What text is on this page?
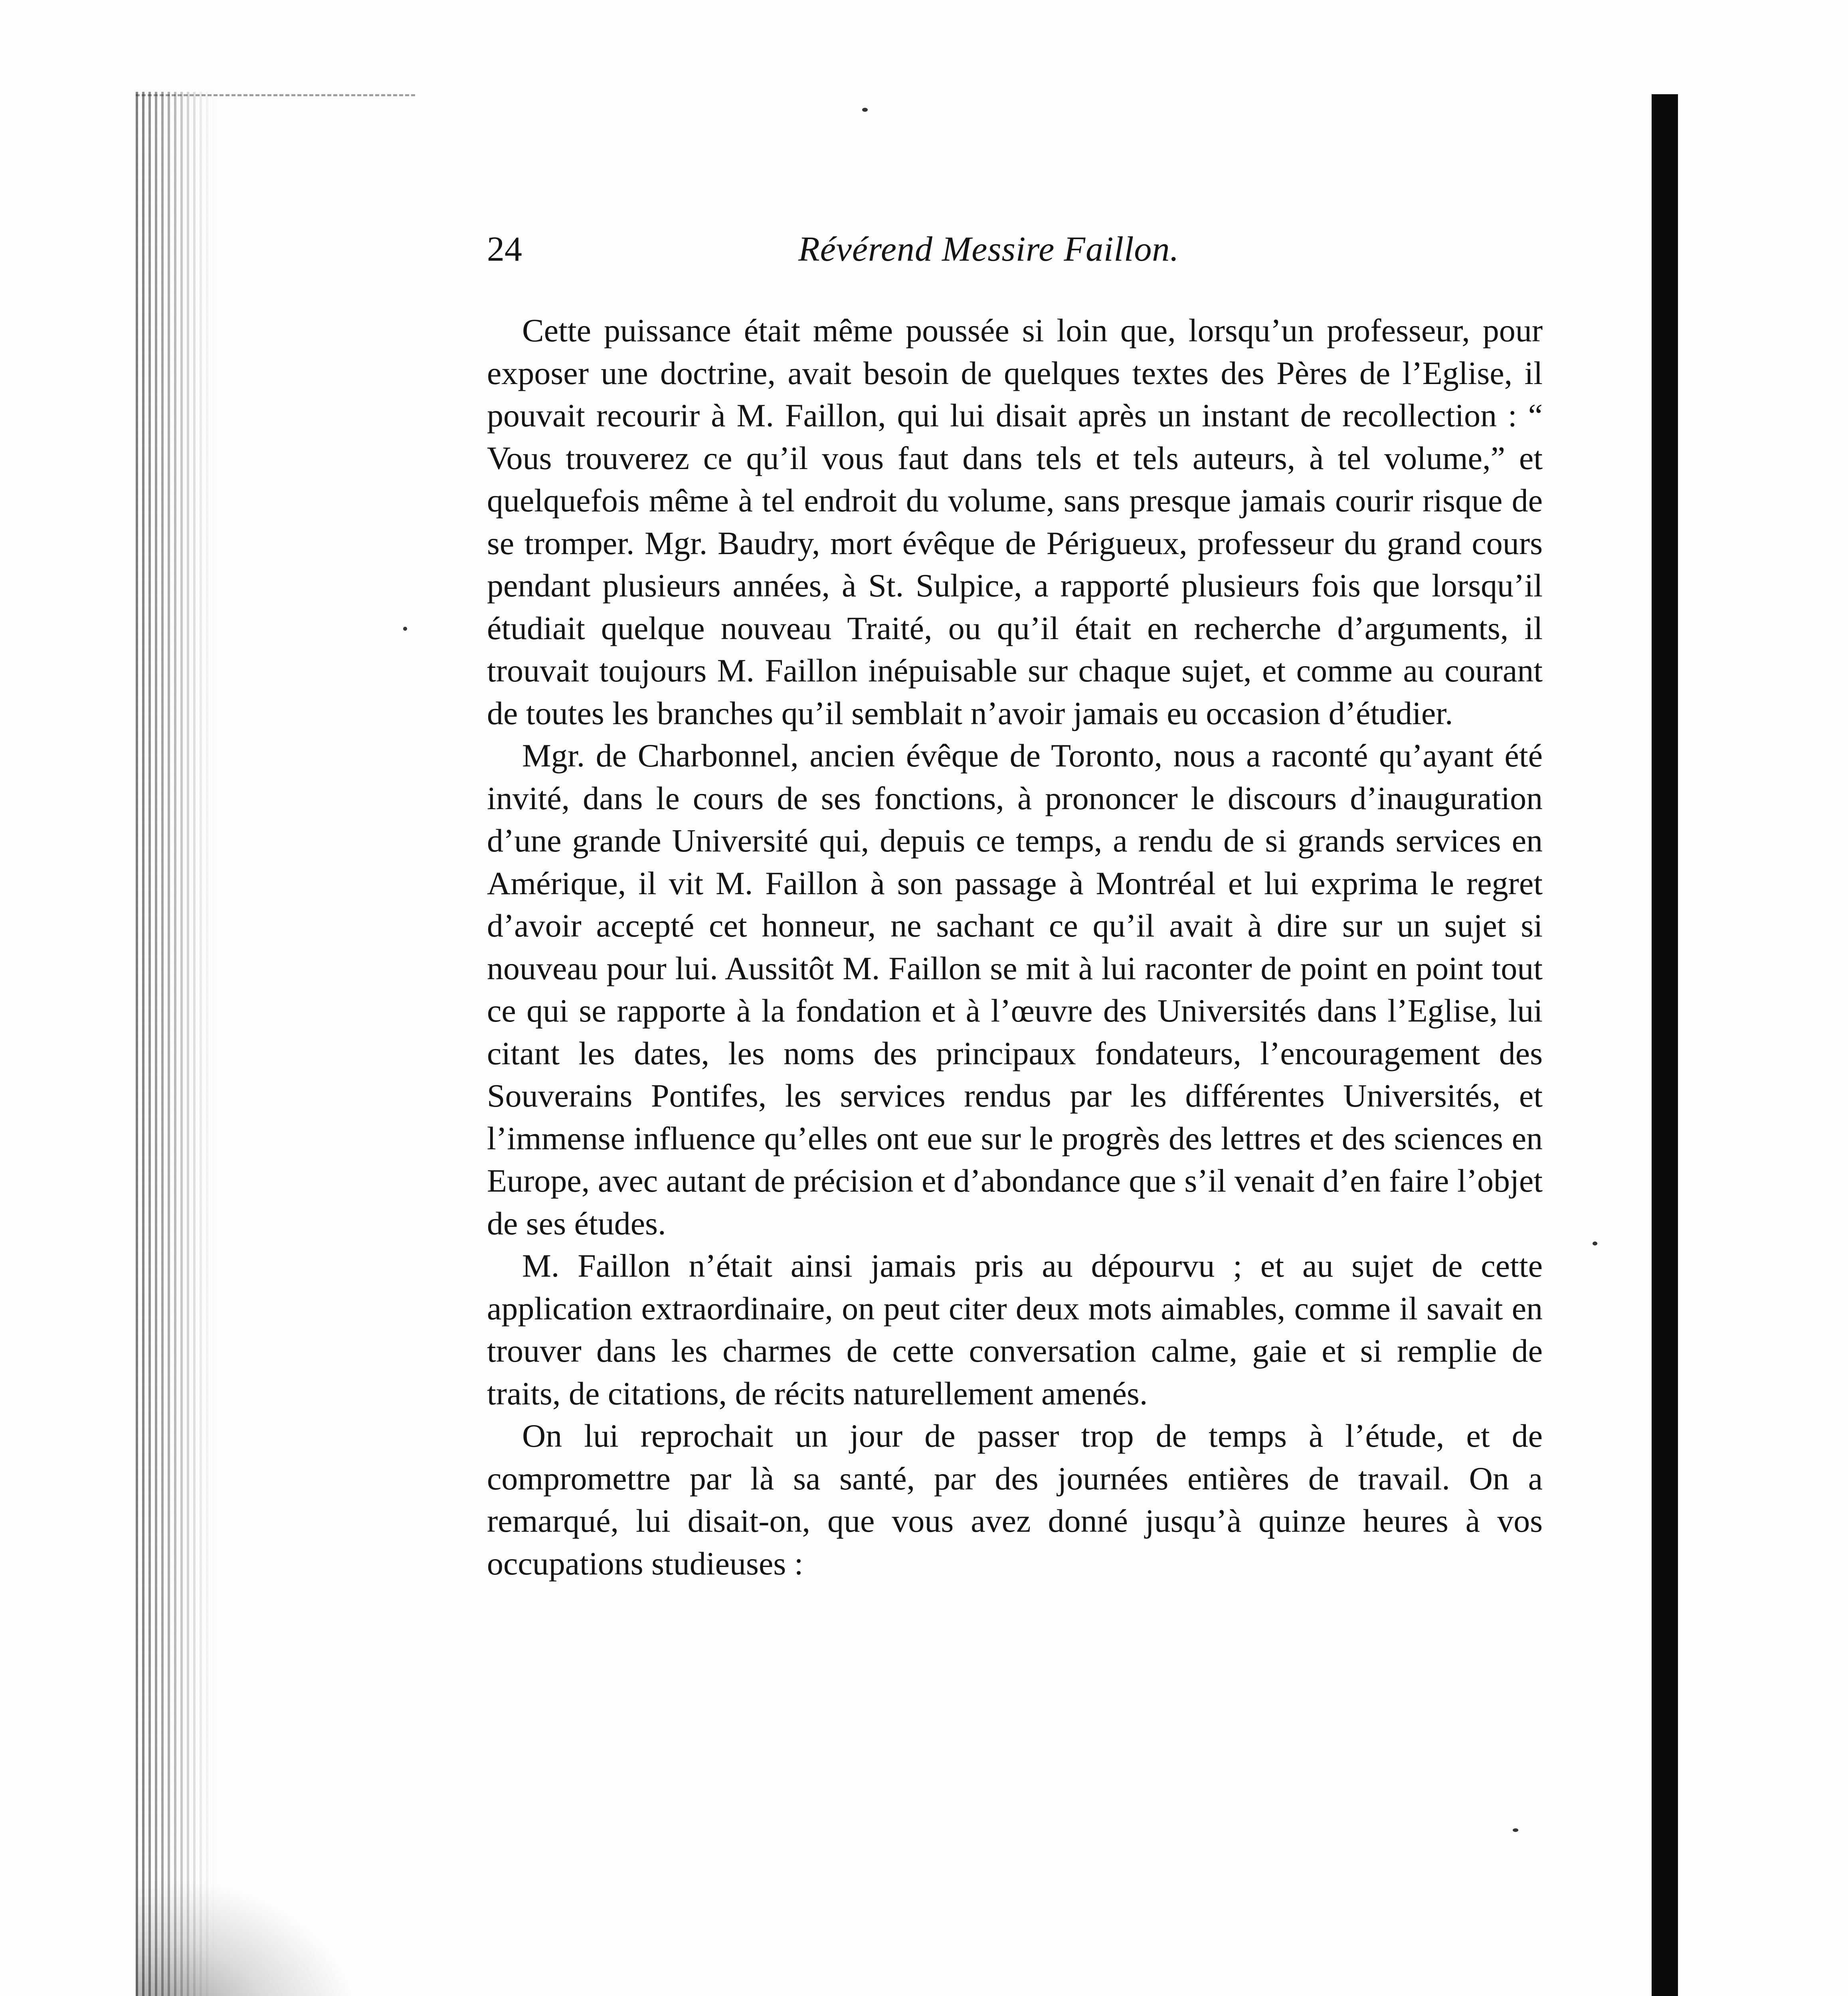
24	Révérend Messire Faillon.

Cette puissance était même poussée si loin que, lorsqu’un professeur, pour exposer une doctrine, avait besoin de quelques textes des Pères de l’Eglise, il pouvait recourir à M. Faillon, qui lui disait après un instant de recollection : “ Vous trouverez ce qu’il vous faut dans tels et tels auteurs, à tel volume,” et quelquefois même à tel endroit du volume, sans presque jamais courir risque de se tromper. Mgr. Baudry, mort évêque de Périgueux, professeur du grand cours pendant plusieurs années, à St. Sulpice, a rapporté plusieurs fois que lorsqu’il étudiait quelque nouveau Traité, ou qu’il était en recherche d’arguments, il trouvait toujours M. Faillon inépuisable sur chaque sujet, et comme au courant de toutes les branches qu’il semblait n’avoir jamais eu occasion d’étudier.

Mgr. de Charbonnel, ancien évêque de Toronto, nous a raconté qu’ayant été invité, dans le cours de ses fonctions, à prononcer le discours d’inauguration d’une grande Université qui, depuis ce temps, a rendu de si grands services en Amérique, il vit M. Faillon à son passage à Montréal et lui exprima le regret d’avoir accepté cet honneur, ne sachant ce qu’il avait à dire sur un sujet si nouveau pour lui. Aussitôt M. Faillon se mit à lui raconter de point en point tout ce qui se rapporte à la fondation et à l’œuvre des Universités dans l’Eglise, lui citant les dates, les noms des principaux fondateurs, l’encouragement des Souverains Pontifes, les services rendus par les différentes Universités, et l’immense influence qu’elles ont eue sur le progrès des lettres et des sciences en Europe, avec autant de précision et d’abondance que s’il venait d’en faire l’objet de ses études.

M. Faillon n’était ainsi jamais pris au dépourvu ; et au sujet de cette application extraordinaire, on peut citer deux mots aimables, comme il savait en trouver dans les charmes de cette conversation calme, gaie et si remplie de traits, de citations, de récits naturellement amenés.

On lui reprochait un jour de passer trop de temps à l’étude, et de compromettre par là sa santé, par des journées entières de travail. On a remarqué, lui disait-on, que vous avez donné jusqu’à quinze heures à vos occupations studieuses :
